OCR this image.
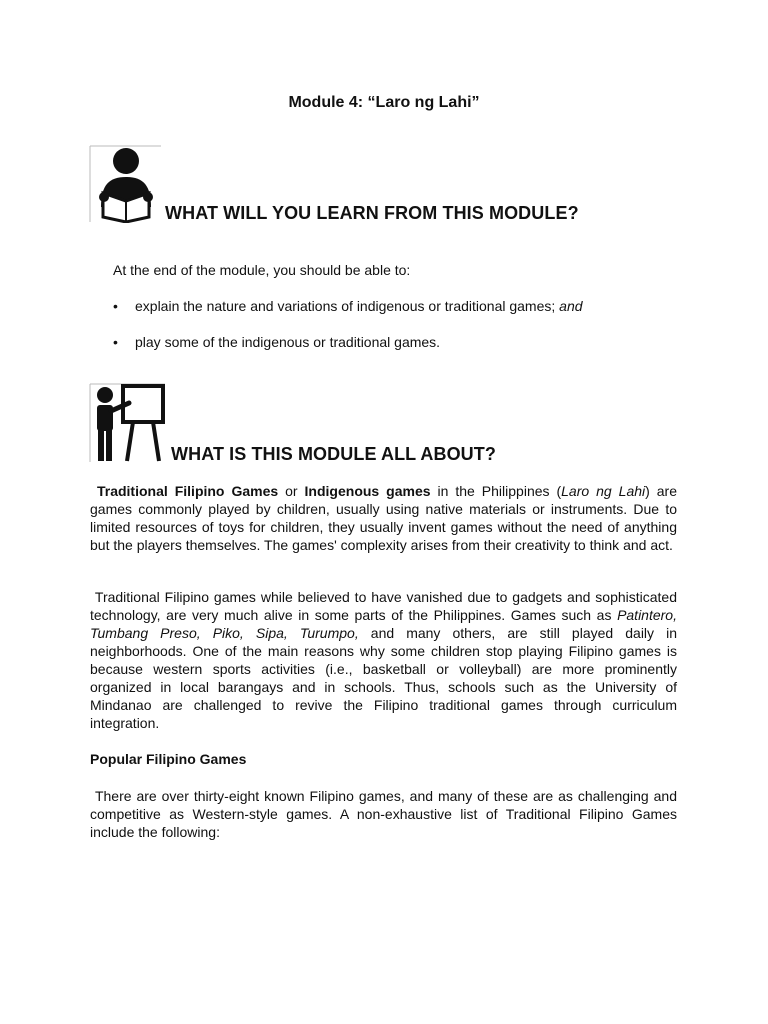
Module 4: “Laro ng Lahi”
WHAT WILL YOU LEARN FROM THIS MODULE?
At the end of the module, you should be able to:
• explain the nature and variations of indigenous or traditional games; and
• play some of the indigenous or traditional games.
WHAT IS THIS MODULE ALL ABOUT?
Traditional Filipino Games or Indigenous games in the Philippines (Laro ng Lahi) are games commonly played by children, usually using native materials or instruments. Due to limited resources of toys for children, they usually invent games without the need of anything but the players themselves. The games' complexity arises from their creativity to think and act.
Traditional Filipino games while believed to have vanished due to gadgets and sophisticated technology, are very much alive in some parts of the Philippines. Games such as Patintero, Tumbang Preso, Piko, Sipa, Turumpo, and many others, are still played daily in neighborhoods. One of the main reasons why some children stop playing Filipino games is because western sports activities (i.e., basketball or volleyball) are more prominently organized in local barangays and in schools. Thus, schools such as the University of Mindanao are challenged to revive the Filipino traditional games through curriculum integration.
Popular Filipino Games
There are over thirty-eight known Filipino games, and many of these are as challenging and competitive as Western-style games. A non-exhaustive list of Traditional Filipino Games include the following:
